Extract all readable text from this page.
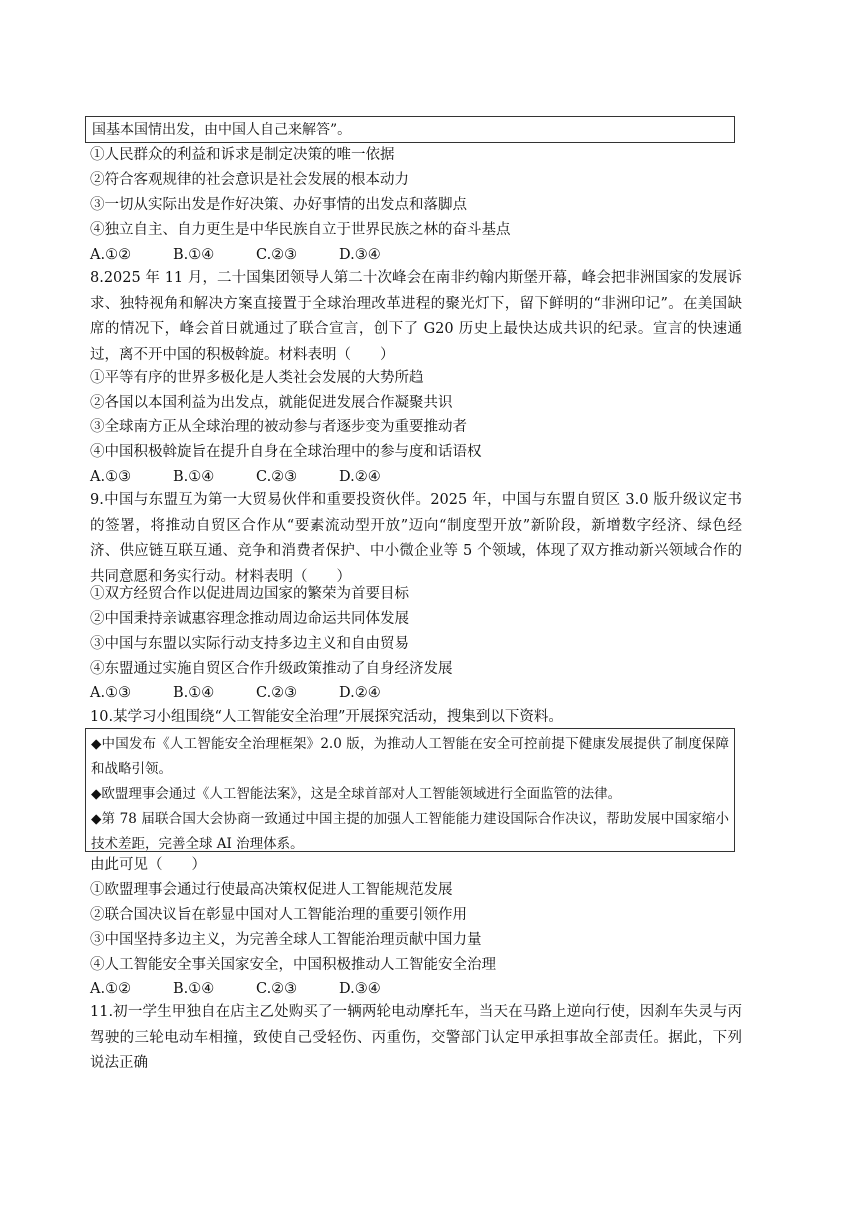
国基本国情出发，由中国人自己来解答”。
①人民群众的利益和诉求是制定决策的唯一依据
②符合客观规律的社会意识是社会发展的根本动力
③一切从实际出发是作好决策、办好事情的出发点和落脚点
④独立自主、自力更生是中华民族自立于世界民族之林的奋斗基点
A.①②	B.①④	C.②③	D.③④
8.2025 年 11 月，二十国集团领导人第二十次峰会在南非约翰内斯堡开幕，峰会把非洲国家的发展诉求、独特视角和解决方案直接置于全球治理改革进程的聚光灯下，留下鲜明的“非洲印记”。在美国缺席的情况下，峰会首日就通过了联合宣言，创下了 G20 历史上最快达成共识的纪录。宣言的快速通过，离不开中国的积极斡旋。材料表明（　　）
①平等有序的世界多极化是人类社会发展的大势所趋
②各国以本国利益为出发点，就能促进发展合作凝聚共识
③全球南方正从全球治理的被动参与者逐步变为重要推动者
④中国积极斡旋旨在提升自身在全球治理中的参与度和话语权
A.①③	B.①④	C.②③	D.②④
9.中国与东盟互为第一大贸易伙伴和重要投资伙伴。2025 年，中国与东盟自贸区 3.0 版升级议定书的签署，将推动自贸区合作从“要素流动型开放”迈向“制度型开放”新阶段，新增数字经济、绿色经济、供应链互联互通、竞争和消费者保护、中小微企业等 5 个领域，体现了双方推动新兴领域合作的共同意愿和务实行动。材料表明（　　）
①双方经贸合作以促进周边国家的繁荣为首要目标
②中国秉持亲诚惠容理念推动周边命运共同体发展
③中国与东盟以实际行动支持多边主义和自由贸易
④东盟通过实施自贸区合作升级政策推动了自身经济发展
A.①③	B.①④	C.②③	D.②④
10.某学习小组围绕“人工智能安全治理”开展探究活动，搜集到以下资料。
◆中国发布《人工智能安全治理框架》2.0 版，为推动人工智能在安全可控前提下健康发展提供了制度保障和战略引领。
◆欧盟理事会通过《人工智能法案》，这是全球首部对人工智能领域进行全面监管的法律。
◆第 78 届联合国大会协商一致通过中国主提的加强人工智能能力建设国际合作决议，帮助发展中国家缩小技术差距，完善全球 AI 治理体系。
由此可见（　　）
①欧盟理事会通过行使最高决策权促进人工智能规范发展
②联合国决议旨在彰显中国对人工智能治理的重要引领作用
③中国坚持多边主义，为完善全球人工智能治理贡献中国力量
④人工智能安全事关国家安全，中国积极推动人工智能安全治理
A.①②	B.①④	C.②③	D.③④
11.初一学生甲独自在店主乙处购买了一辆两轮电动摩托车，当天在马路上逆向行使，因刹车失灵与丙驾驶的三轮电动车相撞，致使自己受轻伤、丙重伤，交警部门认定甲承担事故全部责任。据此，下列说法正确
